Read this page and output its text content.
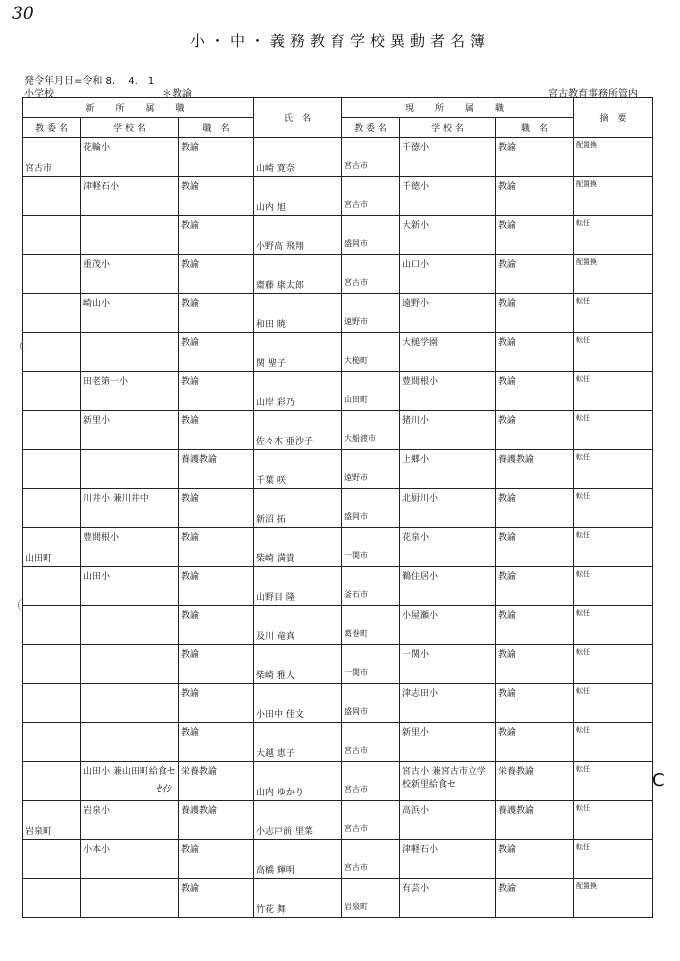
30
小・中・義務教育学校異動者名簿
発令年月日=令和 8.　 4.　1
小学校	＊教諭	宮古教育事務所管内
新　所　属　職			氏　名	現　所　属　職			摘　要
教 委 名	学 校 名	職　名		教 委 名	学 校 名	職　名	
宮古市	花輪小	教諭	山崎 寛奈	宮古市	千徳小	教諭	配置換
	津軽石小	教諭	山内 旭	宮古市	千徳小	教諭	配置換
		教諭	小野高 飛翔	盛岡市	大新小	教諭	転任
	重茂小	教諭	齋藤 康太郎	宮古市	山口小	教諭	配置換
	崎山小	教諭	和田 暁	遠野市	遠野小	教諭	転任
		教諭	関 聖子	大槌町	大槌学園	教諭	転任
	田老第一小	教諭	山岸 彩乃	山田町	豊間根小	教諭	転任
	新里小	教諭	佐々木 亜沙子	大船渡市	猪川小	教諭	転任
		養護教諭	千葉 咲	遠野市	上郷小	養護教諭	転任
	川井小 兼川井中	教諭	新沼 拓	盛岡市	北厨川小	教諭	転任
山田町	豊間根小	教諭	柴崎 満貴	一関市	花泉小	教諭	転任
	山田小	教諭	山野目 隆	釜石市	鵜住居小	教諭	転任
		教諭	及川 竜真	葛巻町	小屋瀬小	教諭	転任
		教諭	柴崎 雅人	一関市	一関小	教諭	転任
		教諭	小田中 佳文	盛岡市	津志田小	教諭	転任
		教諭	大越 恵子	宮古市	新里小	教諭	転任
	山田小 兼山田町給食セ	栄養教諭	山内 ゆかり	宮古市	宮古小 兼宮古市立学校新里給食セ	栄養教諭	転任
岩泉町	岩泉小	養護教諭	小志戸前 里菜	宮古市	高浜小	養護教諭	転任
	小本小	教諭	高橋 輝明	宮古市	津軽石小	教諭	転任
		教諭	竹花 舞	岩泉町	有芸小	教諭	配置換
ｾｲｼ	C
